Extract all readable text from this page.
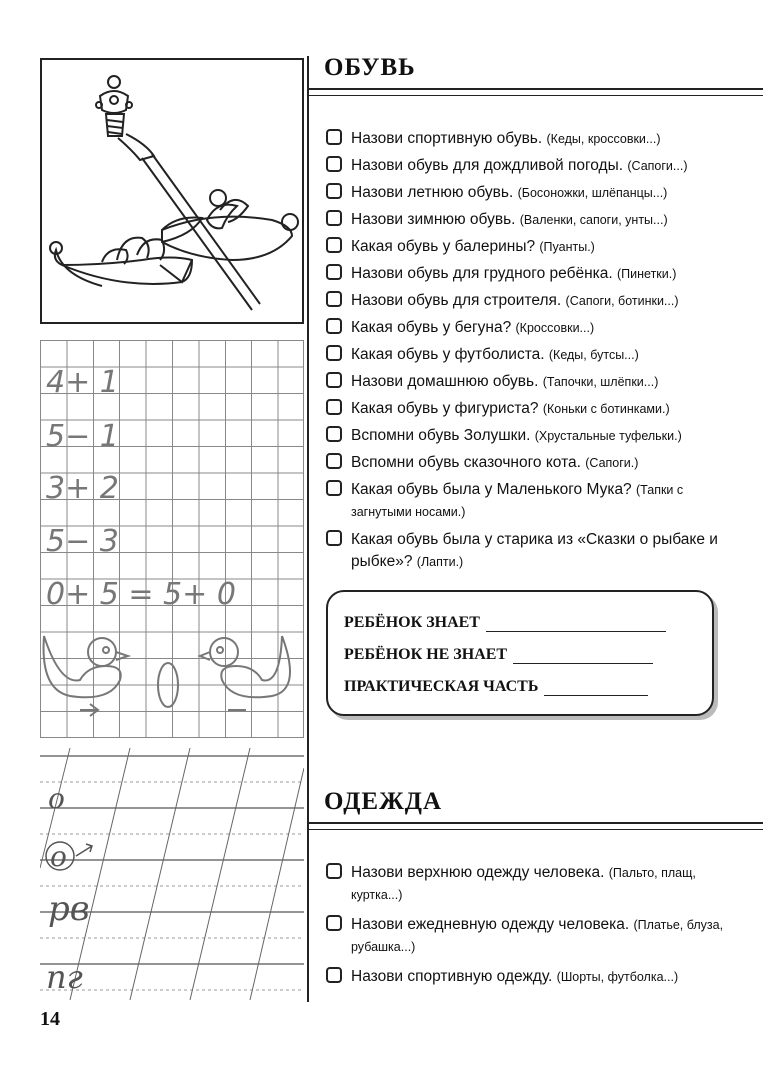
4+ 1
5− 1
3+ 2
5− 3
0+ 5 = 5+ 0
о
о
рв
пг
14
ОБУВЬ
Назови спортивную обувь. (Кеды, кроссовки...)
Назови обувь для дождливой погоды. (Сапоги...)
Назови летнюю обувь. (Босоножки, шлёпанцы...)
Назови зимнюю обувь. (Валенки, сапоги, унты...)
Какая обувь у балерины? (Пуанты.)
Назови обувь для грудного ребёнка. (Пинетки.)
Назови обувь для строителя. (Сапоги, ботинки...)
Какая обувь у бегуна? (Кроссовки...)
Какая обувь у футболиста. (Кеды, бутсы...)
Назови домашнюю обувь. (Тапочки, шлёпки...)
Какая обувь у фигуриста? (Коньки с ботинками.)
Вспомни обувь Золушки. (Хрустальные туфельки.)
Вспомни обувь сказочного кота. (Сапоги.)
Какая обувь была у Маленького Мука? (Тапки с загнутыми носами.)
Какая обувь была у старика из «Сказки о рыбаке и рыбке»? (Лапти.)
РЕБЁНОК ЗНАЕТ
РЕБЁНОК НЕ ЗНАЕТ
ПРАКТИЧЕСКАЯ ЧАСТЬ
ОДЕЖДА
Назови верхнюю одежду человека. (Пальто, плащ, куртка...)
Назови ежедневную одежду человека. (Платье, блуза, рубашка...)
Назови спортивную одежду. (Шорты, футболка...)
